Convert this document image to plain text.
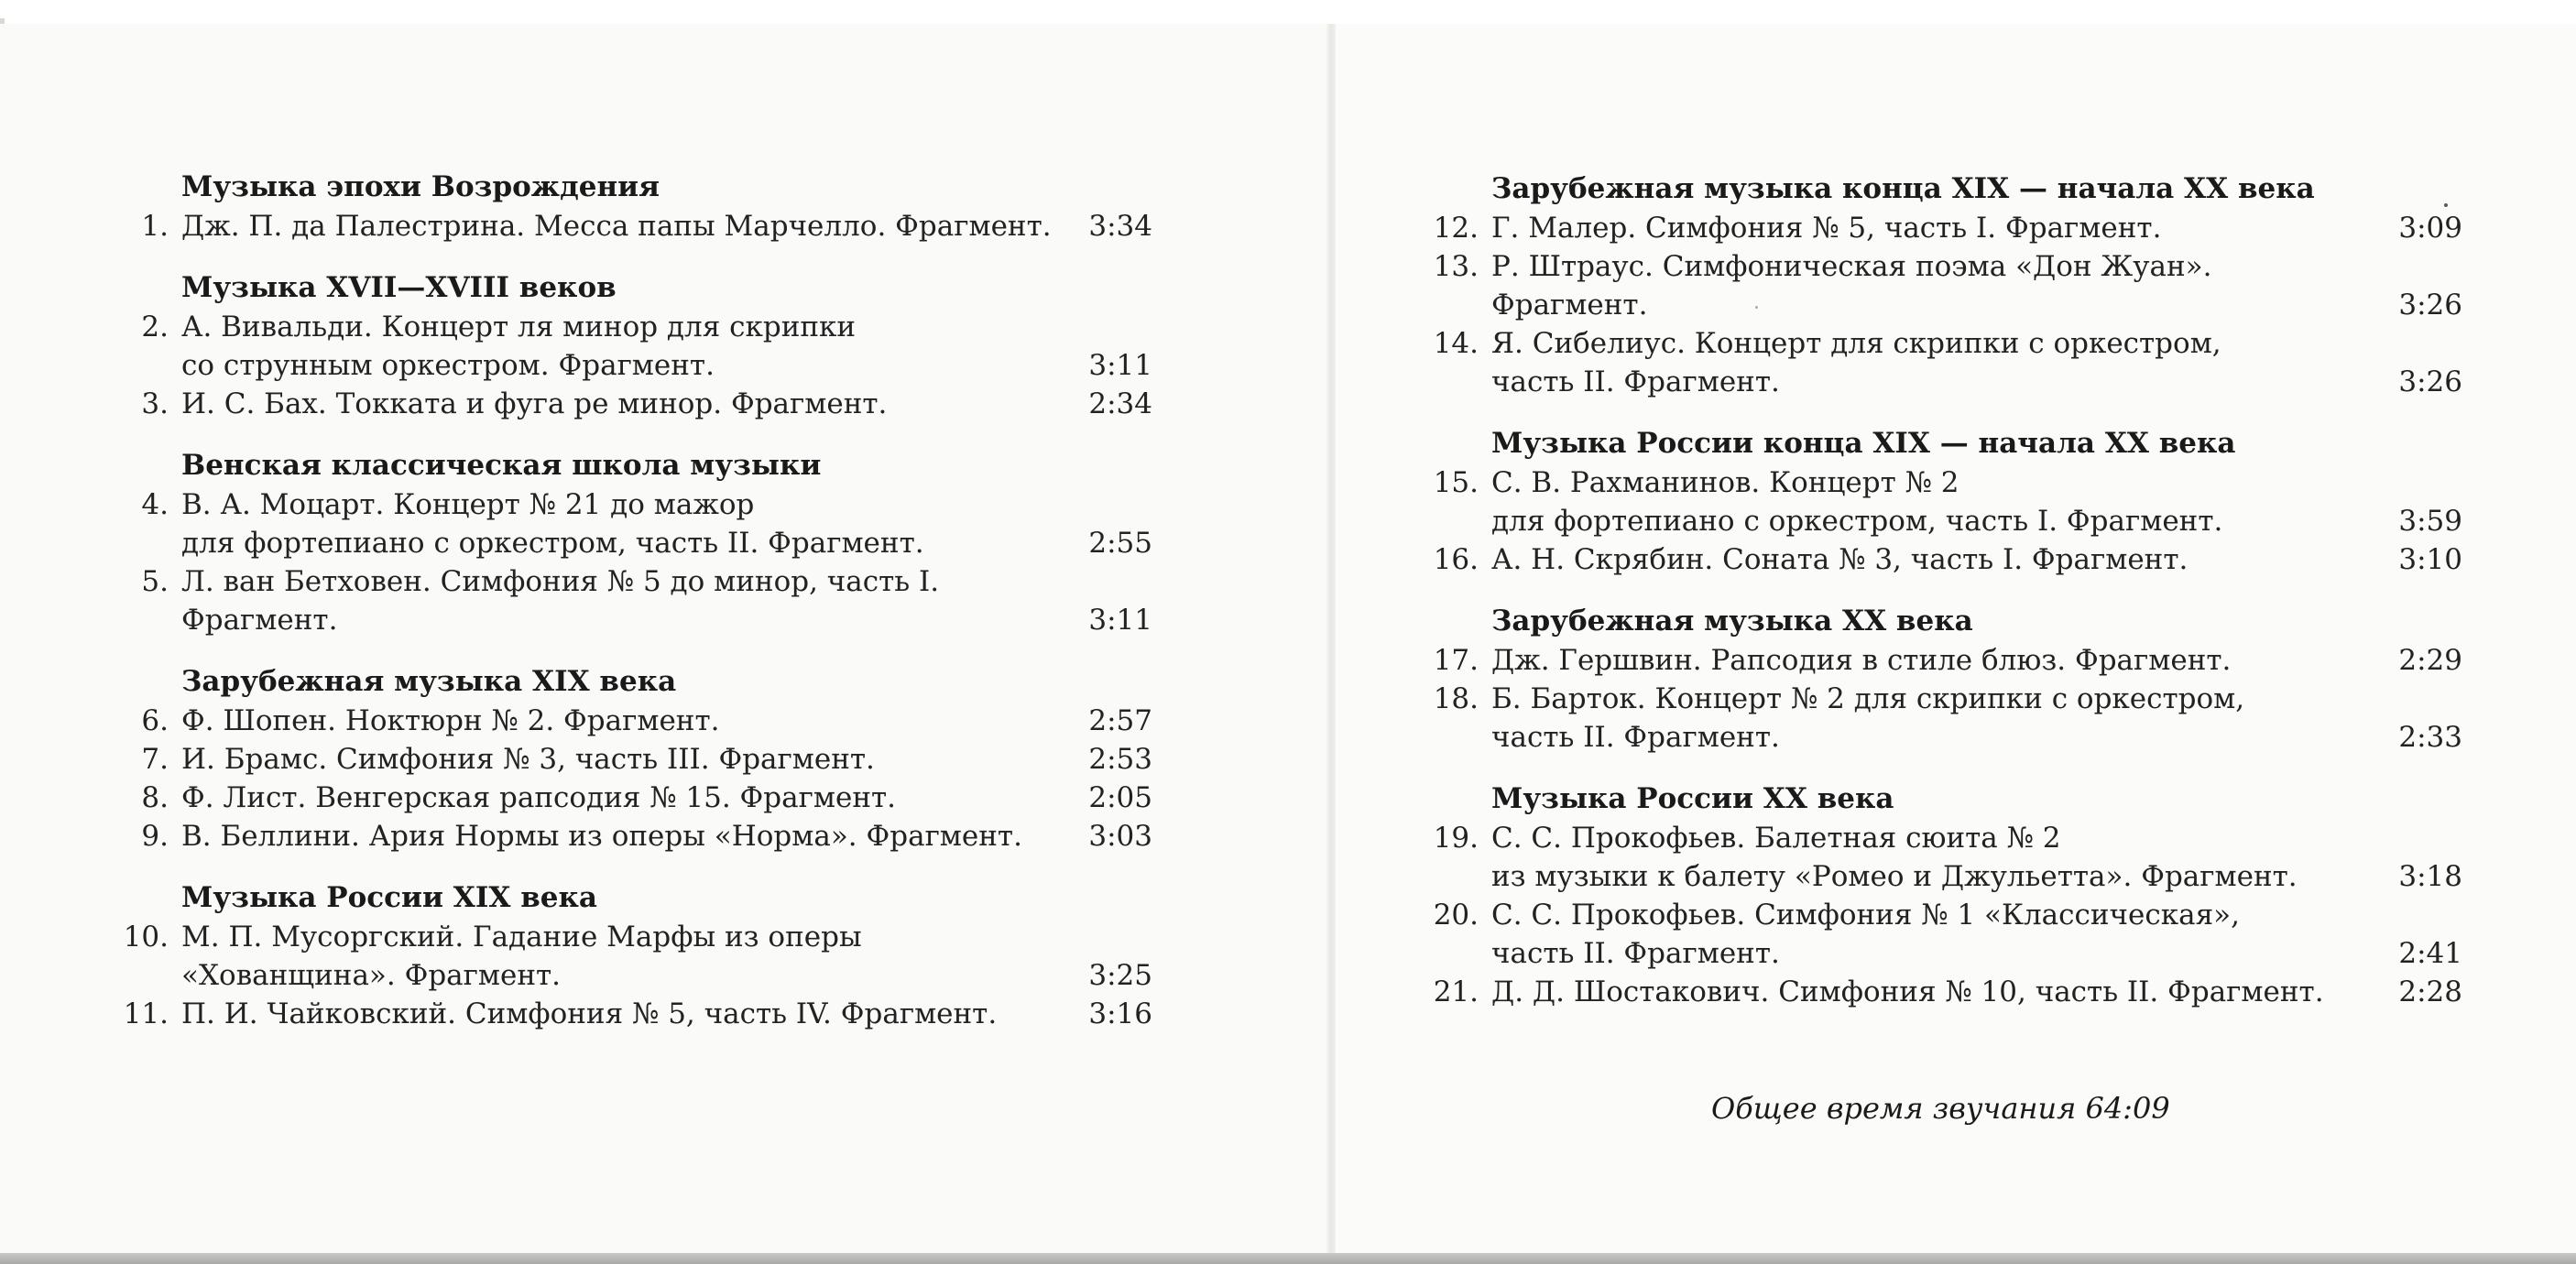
Музыка эпохи Возрождения
1. Дж. П. да Палестрина. Месса папы Марчелло. Фрагмент.	3:34
Музыка XVII—XVIII веков
2. А. Вивальди. Концерт ля минор для скрипки
со струнным оркестром. Фрагмент.	3:11
3. И. С. Бах. Токката и фуга ре минор. Фрагмент.	2:34
Венская классическая школа музыки
4. В. А. Моцарт. Концерт № 21 до мажор
для фортепиано с оркестром, часть II. Фрагмент.	2:55
5. Л. ван Бетховен. Симфония № 5 до минор, часть I.
Фрагмент.	3:11
Зарубежная музыка XIX века
6. Ф. Шопен. Ноктюрн № 2. Фрагмент.	2:57
7. И. Брамс. Симфония № 3, часть III. Фрагмент.	2:53
8. Ф. Лист. Венгерская рапсодия № 15. Фрагмент.	2:05
9. В. Беллини. Ария Нормы из оперы «Норма». Фрагмент.	3:03
Музыка России XIX века
10. М. П. Мусоргский. Гадание Марфы из оперы
«Хованщина». Фрагмент.	3:25
11. П. И. Чайковский. Симфония № 5, часть IV. Фрагмент.	3:16
Зарубежная музыка конца XIX — начала XX века
12. Г. Малер. Симфония № 5, часть I. Фрагмент.	3:09
13. Р. Штраус. Симфоническая поэма «Дон Жуан».
Фрагмент.	3:26
14. Я. Сибелиус. Концерт для скрипки с оркестром,
часть II. Фрагмент.	3:26
Музыка России конца XIX — начала XX века
15. С. В. Рахманинов. Концерт № 2
для фортепиано с оркестром, часть I. Фрагмент.	3:59
16. А. Н. Скрябин. Соната № 3, часть I. Фрагмент.	3:10
Зарубежная музыка XX века
17. Дж. Гершвин. Рапсодия в стиле блюз. Фрагмент.	2:29
18. Б. Барток. Концерт № 2 для скрипки с оркестром,
часть II. Фрагмент.	2:33
Музыка России XX века
19. С. С. Прокофьев. Балетная сюита № 2
из музыки к балету «Ромео и Джульетта». Фрагмент.	3:18
20. С. С. Прокофьев. Симфония № 1 «Классическая»,
часть II. Фрагмент.	2:41
21. Д. Д. Шостакович. Симфония № 10, часть II. Фрагмент.	2:28
Общее время звучания 64:09
